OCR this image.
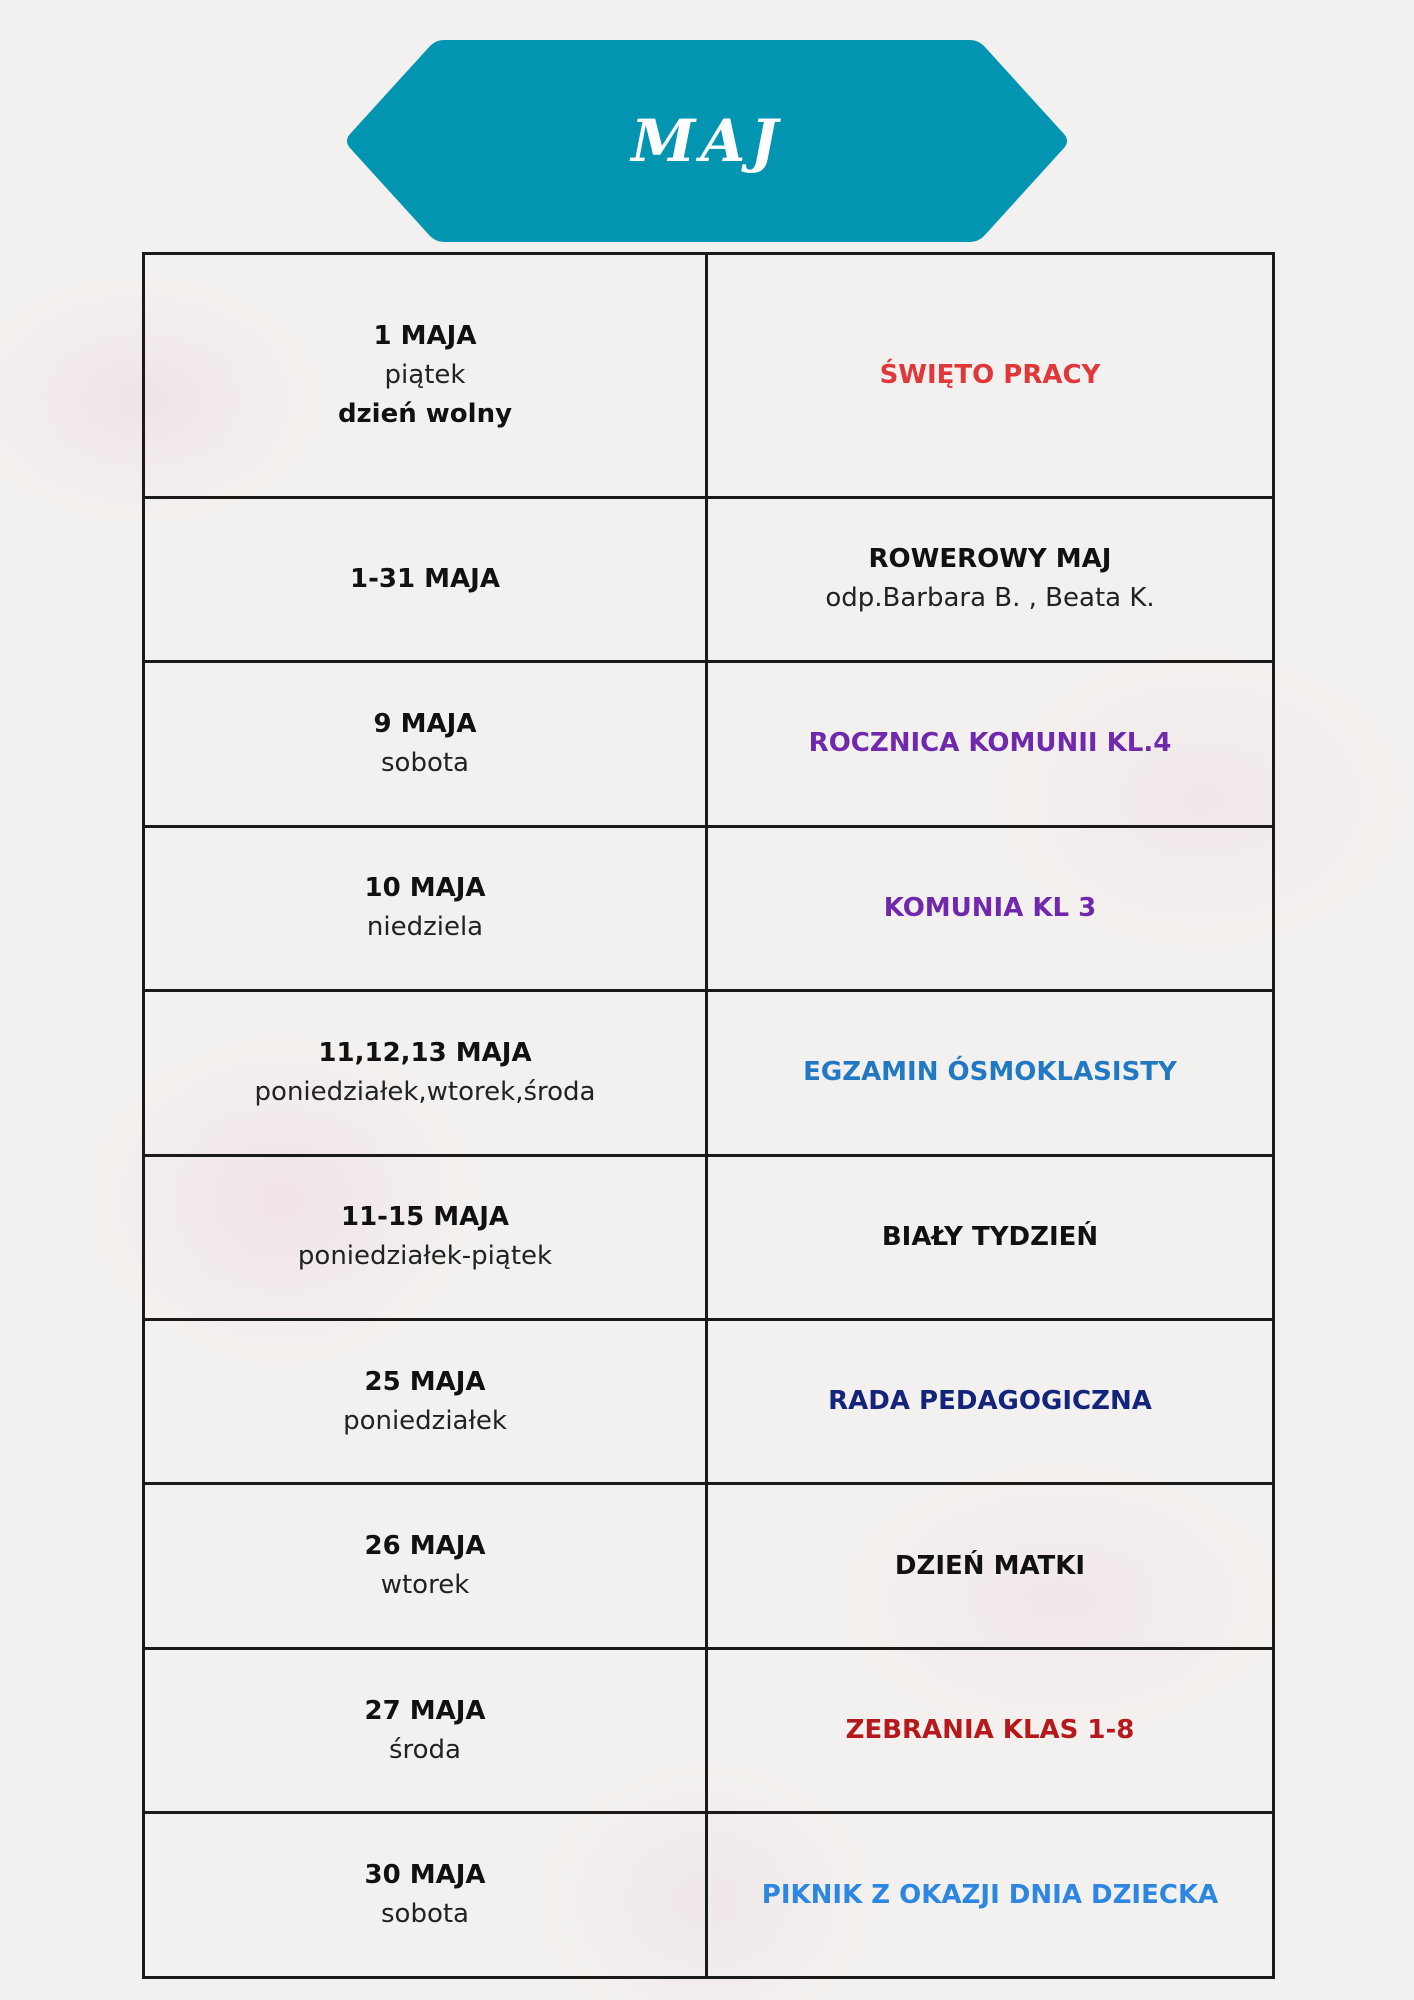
MAJ
1 MAJA
piątek
dzień wolny	ŚWIĘTO PRACY

1-31 MAJA	ROWEROWY MAJ
odp.Barbara B. , Beata K.

9 MAJA
sobota	ROCZNICA KOMUNII KL.4

10 MAJA
niedziela	KOMUNIA KL 3

11,12,13 MAJA
poniedziałek,wtorek,środa	EGZAMIN ÓSMOKLASISTY

11-15 MAJA
poniedziałek-piątek	BIAŁY TYDZIEŃ

25 MAJA
poniedziałek	RADA PEDAGOGICZNA

26 MAJA
wtorek	DZIEŃ MATKI

27 MAJA
środa	ZEBRANIA KLAS 1-8

30 MAJA
sobota	PIKNIK Z OKAZJI DNIA DZIECKA
